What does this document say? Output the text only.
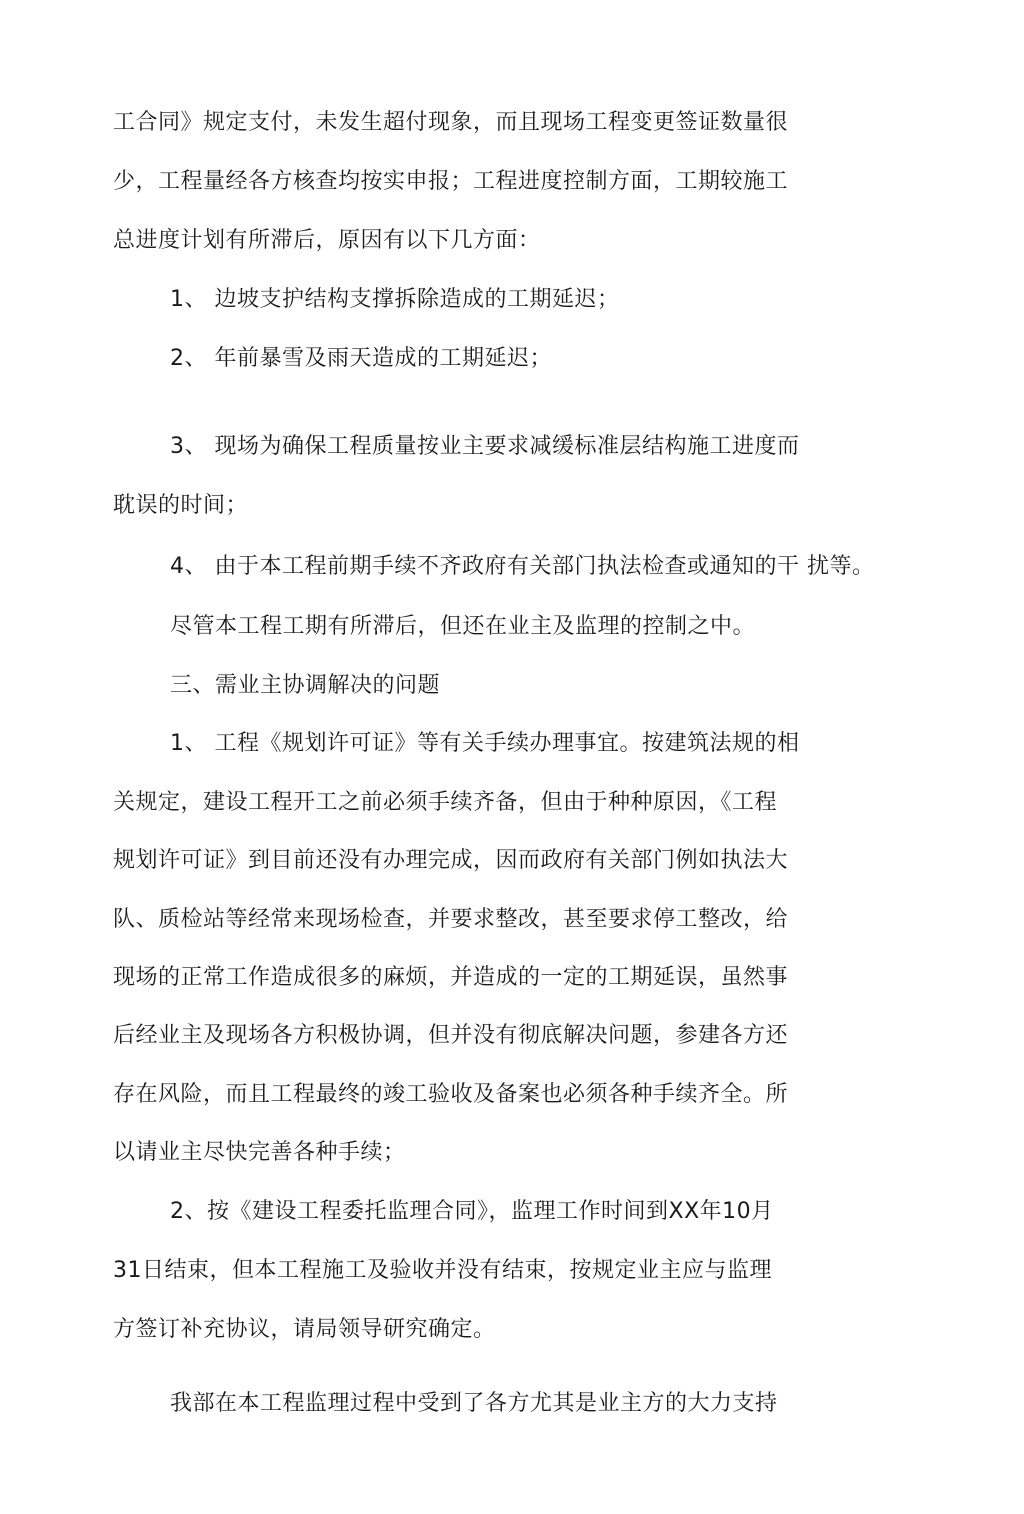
工合同》规定支付，未发生超付现象，而且现场工程变更签证数量很
少，工程量经各方核查均按实申报；工程进度控制方面，工期较施工
总进度计划有所滞后，原因有以下几方面：
1、 边坡支护结构支撑拆除造成的工期延迟；
2、 年前暴雪及雨天造成的工期延迟；
3、 现场为确保工程质量按业主要求减缓标准层结构施工进度而
耽误的时间；
4、 由于本工程前期手续不齐政府有关部门执法检查或通知的干 扰等。
尽管本工程工期有所滞后，但还在业主及监理的控制之中。
三、需业主协调解决的问题
1、 工程《规划许可证》等有关手续办理事宜。按建筑法规的相
关规定，建设工程开工之前必须手续齐备，但由于种种原因，《工程
规划许可证》到目前还没有办理完成，因而政府有关部门例如执法大
队、质检站等经常来现场检查，并要求整改，甚至要求停工整改，给
现场的正常工作造成很多的麻烦，并造成的一定的工期延误，虽然事
后经业主及现场各方积极协调，但并没有彻底解决问题，参建各方还
存在风险，而且工程最终的竣工验收及备案也必须各种手续齐全。所
以请业主尽快完善各种手续；
2、按《建设工程委托监理合同》，监理工作时间到XX年10月
31日结束，但本工程施工及验收并没有结束，按规定业主应与监理
方签订补充协议，请局领导研究确定。
我部在本工程监理过程中受到了各方尤其是业主方的大力支持
